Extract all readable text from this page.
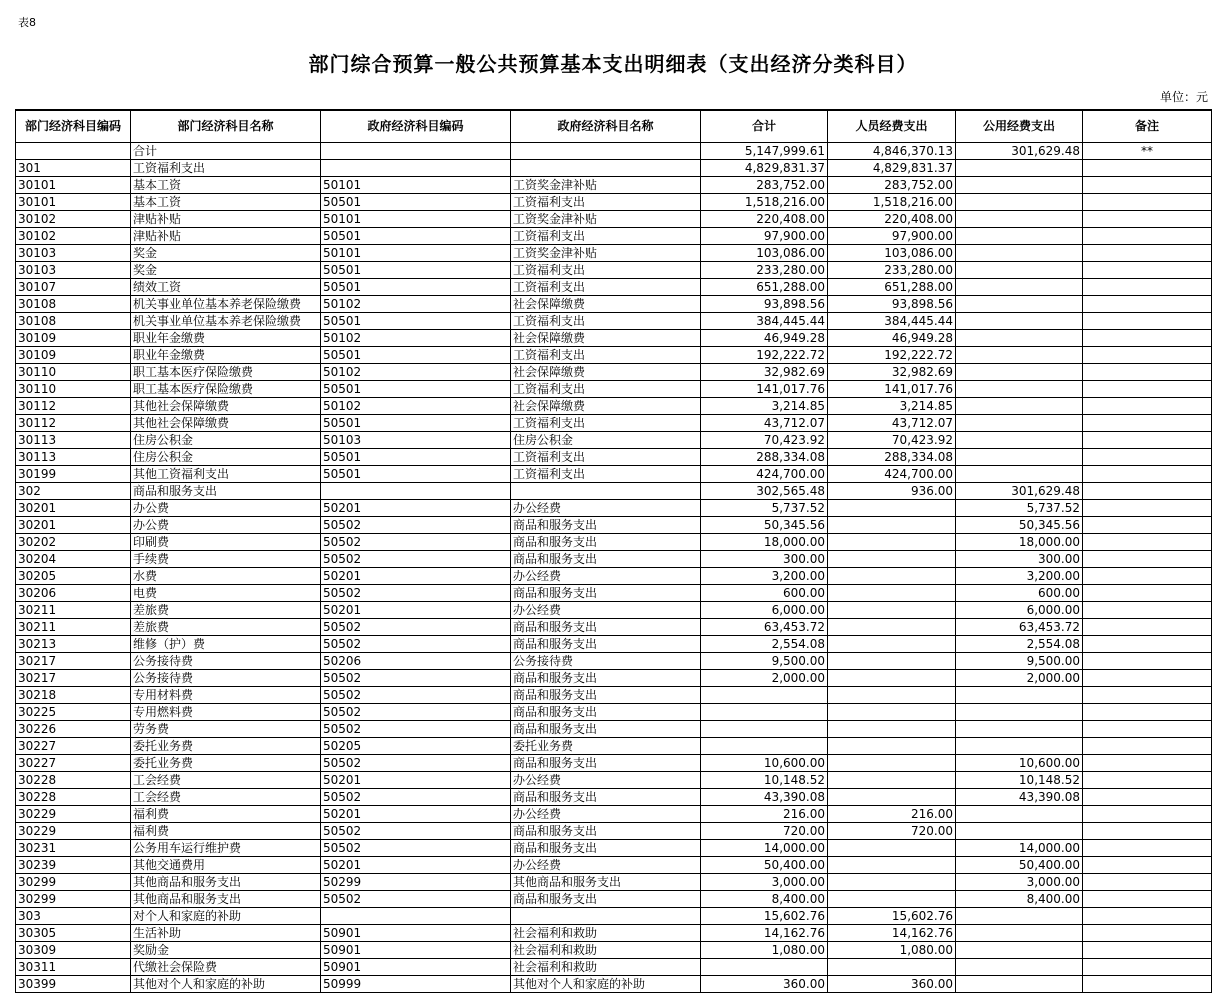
表8
部门综合预算一般公共预算基本支出明细表（支出经济分类科目）
单位：元
部门经济科目编码	部门经济科目名称	政府经济科目编码	政府经济科目名称	合计	人员经费支出	公用经费支出	备注
	合计			5,147,999.61	4,846,370.13	301,629.48	**
301	工资福利支出			4,829,831.37	4,829,831.37		
30101	基本工资	50101	工资奖金津补贴	283,752.00	283,752.00		
30101	基本工资	50501	工资福利支出	1,518,216.00	1,518,216.00		
30102	津贴补贴	50101	工资奖金津补贴	220,408.00	220,408.00		
30102	津贴补贴	50501	工资福利支出	97,900.00	97,900.00		
30103	奖金	50101	工资奖金津补贴	103,086.00	103,086.00		
30103	奖金	50501	工资福利支出	233,280.00	233,280.00		
30107	绩效工资	50501	工资福利支出	651,288.00	651,288.00		
30108	机关事业单位基本养老保险缴费	50102	社会保障缴费	93,898.56	93,898.56		
30108	机关事业单位基本养老保险缴费	50501	工资福利支出	384,445.44	384,445.44		
30109	职业年金缴费	50102	社会保障缴费	46,949.28	46,949.28		
30109	职业年金缴费	50501	工资福利支出	192,222.72	192,222.72		
30110	职工基本医疗保险缴费	50102	社会保障缴费	32,982.69	32,982.69		
30110	职工基本医疗保险缴费	50501	工资福利支出	141,017.76	141,017.76		
30112	其他社会保障缴费	50102	社会保障缴费	3,214.85	3,214.85		
30112	其他社会保障缴费	50501	工资福利支出	43,712.07	43,712.07		
30113	住房公积金	50103	住房公积金	70,423.92	70,423.92		
30113	住房公积金	50501	工资福利支出	288,334.08	288,334.08		
30199	其他工资福利支出	50501	工资福利支出	424,700.00	424,700.00		
302	商品和服务支出			302,565.48	936.00	301,629.48	
30201	办公费	50201	办公经费	5,737.52		5,737.52	
30201	办公费	50502	商品和服务支出	50,345.56		50,345.56	
30202	印刷费	50502	商品和服务支出	18,000.00		18,000.00	
30204	手续费	50502	商品和服务支出	300.00		300.00	
30205	水费	50201	办公经费	3,200.00		3,200.00	
30206	电费	50502	商品和服务支出	600.00		600.00	
30211	差旅费	50201	办公经费	6,000.00		6,000.00	
30211	差旅费	50502	商品和服务支出	63,453.72		63,453.72	
30213	维修（护）费	50502	商品和服务支出	2,554.08		2,554.08	
30217	公务接待费	50206	公务接待费	9,500.00		9,500.00	
30217	公务接待费	50502	商品和服务支出	2,000.00		2,000.00	
30218	专用材料费	50502	商品和服务支出				
30225	专用燃料费	50502	商品和服务支出				
30226	劳务费	50502	商品和服务支出				
30227	委托业务费	50205	委托业务费				
30227	委托业务费	50502	商品和服务支出	10,600.00		10,600.00	
30228	工会经费	50201	办公经费	10,148.52		10,148.52	
30228	工会经费	50502	商品和服务支出	43,390.08		43,390.08	
30229	福利费	50201	办公经费	216.00	216.00		
30229	福利费	50502	商品和服务支出	720.00	720.00		
30231	公务用车运行维护费	50502	商品和服务支出	14,000.00		14,000.00	
30239	其他交通费用	50201	办公经费	50,400.00		50,400.00	
30299	其他商品和服务支出	50299	其他商品和服务支出	3,000.00		3,000.00	
30299	其他商品和服务支出	50502	商品和服务支出	8,400.00		8,400.00	
303	对个人和家庭的补助			15,602.76	15,602.76		
30305	生活补助	50901	社会福利和救助	14,162.76	14,162.76		
30309	奖励金	50901	社会福利和救助	1,080.00	1,080.00		
30311	代缴社会保险费	50901	社会福利和救助				
30399	其他对个人和家庭的补助	50999	其他对个人和家庭的补助	360.00	360.00		
